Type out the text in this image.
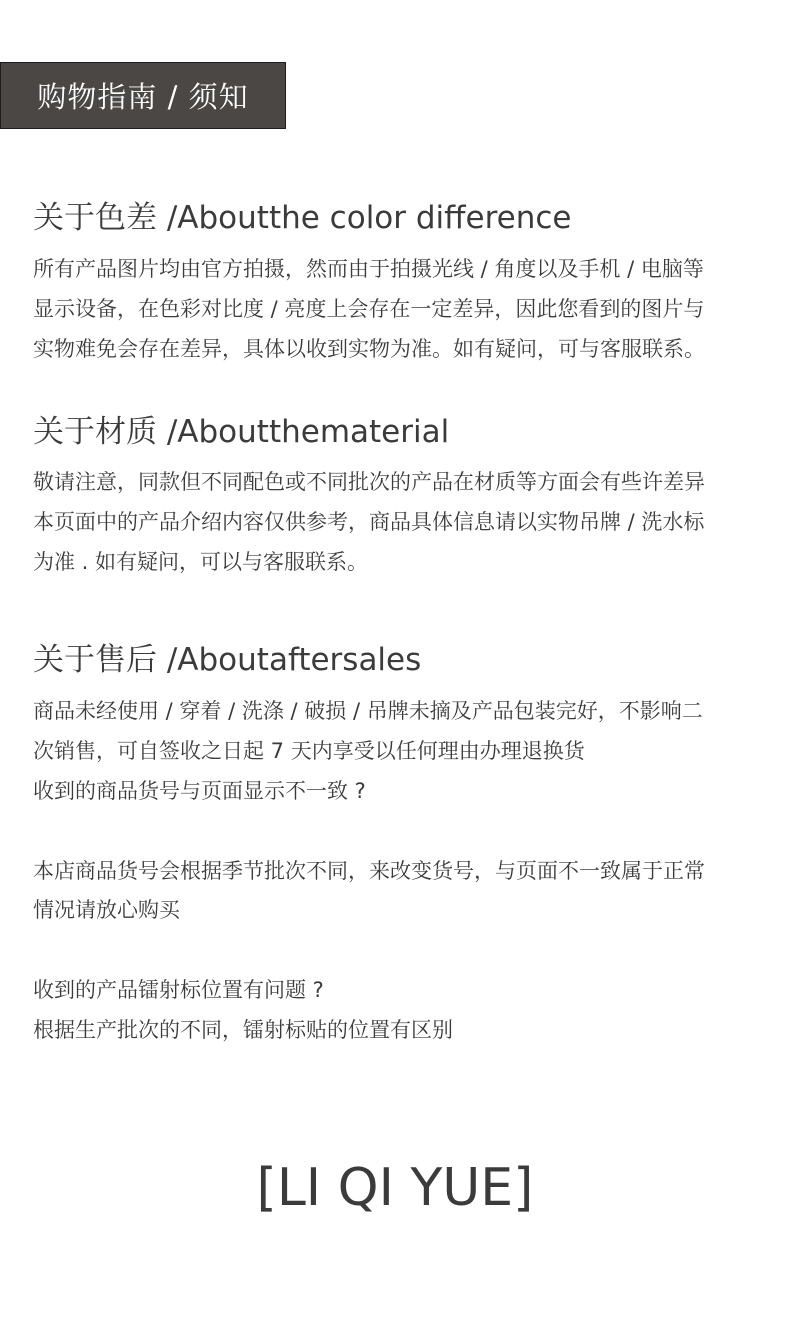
购物指南 / 须知
关于色差 /Aboutthe color difference
所有产品图片均由官方拍摄，然而由于拍摄光线 / 角度以及手机 / 电脑等
显示设备，在色彩对比度 / 亮度上会存在一定差异，因此您看到的图片与
实物难免会存在差异，具体以收到实物为准。如有疑问，可与客服联系。
关于材质 /Aboutthematerial
敬请注意，同款但不同配色或不同批次的产品在材质等方面会有些许差异
本页面中的产品介绍内容仅供参考，商品具体信息请以实物吊牌 / 洗水标
为准 . 如有疑问，可以与客服联系。
关于售后 /Aboutaftersales
商品未经使用 / 穿着 / 洗涤 / 破损 / 吊牌未摘及产品包装完好，不影响二
次销售，可自签收之日起 7 天内享受以任何理由办理退换货
收到的商品货号与页面显示不一致 ?
本店商品货号会根据季节批次不同，来改变货号，与页面不一致属于正常
情况请放心购买
收到的产品镭射标位置有问题 ?
根据生产批次的不同，镭射标贴的位置有区别
[LI QI YUE]
